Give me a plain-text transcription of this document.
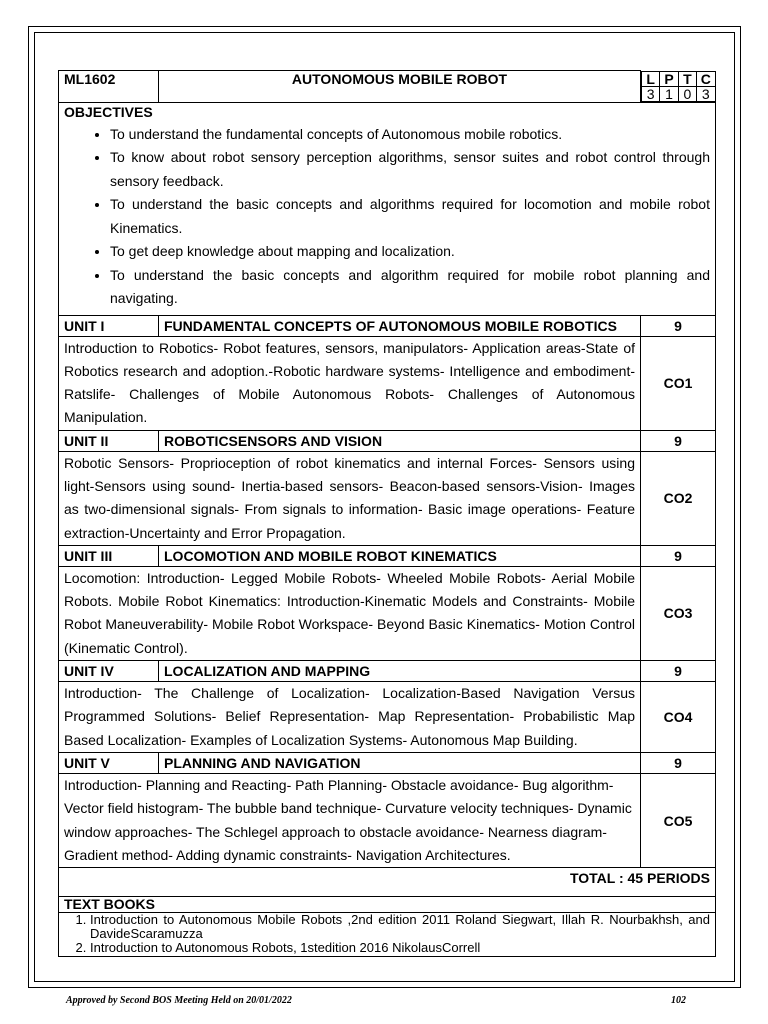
ML1602	AUTONOMOUS MOBILE ROBOT		L	P	T	C
3	1	0	3

OBJECTIVES
• To understand the fundamental concepts of Autonomous mobile robotics.
• To know about robot sensory perception algorithms, sensor suites and robot control through sensory feedback.
• To understand the basic concepts and algorithms required for locomotion and mobile robot Kinematics.
• To get deep knowledge about mapping and localization.
• To understand the basic concepts and algorithm required for mobile robot planning and navigating.

UNIT I	FUNDAMENTAL CONCEPTS OF AUTONOMOUS MOBILE ROBOTICS	9
Introduction to Robotics- Robot features, sensors, manipulators- Application areas-State of Robotics research and adoption.-Robotic hardware systems- Intelligence and embodiment-Ratslife- Challenges of Mobile Autonomous Robots- Challenges of Autonomous Manipulation.	CO1
UNIT II	ROBOTICSENSORS AND VISION	9
Robotic Sensors- Proprioception of robot kinematics and internal Forces- Sensors using light-Sensors using sound- Inertia-based sensors- Beacon-based sensors-Vision- Images as two-dimensional signals- From signals to information- Basic image operations- Feature extraction-Uncertainty and Error Propagation.	CO2
UNIT III	LOCOMOTION AND MOBILE ROBOT KINEMATICS	9
Locomotion: Introduction- Legged Mobile Robots- Wheeled Mobile Robots- Aerial Mobile Robots. Mobile Robot Kinematics: Introduction-Kinematic Models and Constraints- Mobile Robot Maneuverability- Mobile Robot Workspace- Beyond Basic Kinematics- Motion Control (Kinematic Control).	CO3
UNIT IV	LOCALIZATION AND MAPPING	9
Introduction- The Challenge of Localization- Localization-Based Navigation Versus Programmed Solutions- Belief Representation- Map Representation- Probabilistic Map Based Localization- Examples of Localization Systems- Autonomous Map Building.	CO4
UNIT V	PLANNING AND NAVIGATION	9
Introduction- Planning and Reacting- Path Planning- Obstacle avoidance- Bug algorithm- Vector field histogram- The bubble band technique- Curvature velocity techniques- Dynamic window approaches- The Schlegel approach to obstacle avoidance- Nearness diagram- Gradient method- Adding dynamic constraints- Navigation Architectures.	CO5
TOTAL : 45 PERIODS

TEXT BOOKS

1. Introduction to Autonomous Mobile Robots ,2nd edition 2011 Roland Siegwart, Illah R. Nourbakhsh, and DavideScaramuzza
2. Introduction to Autonomous Robots, 1stedition 2016 NikolausCorrell
Approved by Second BOS Meeting Held on 20/01/2022	102
